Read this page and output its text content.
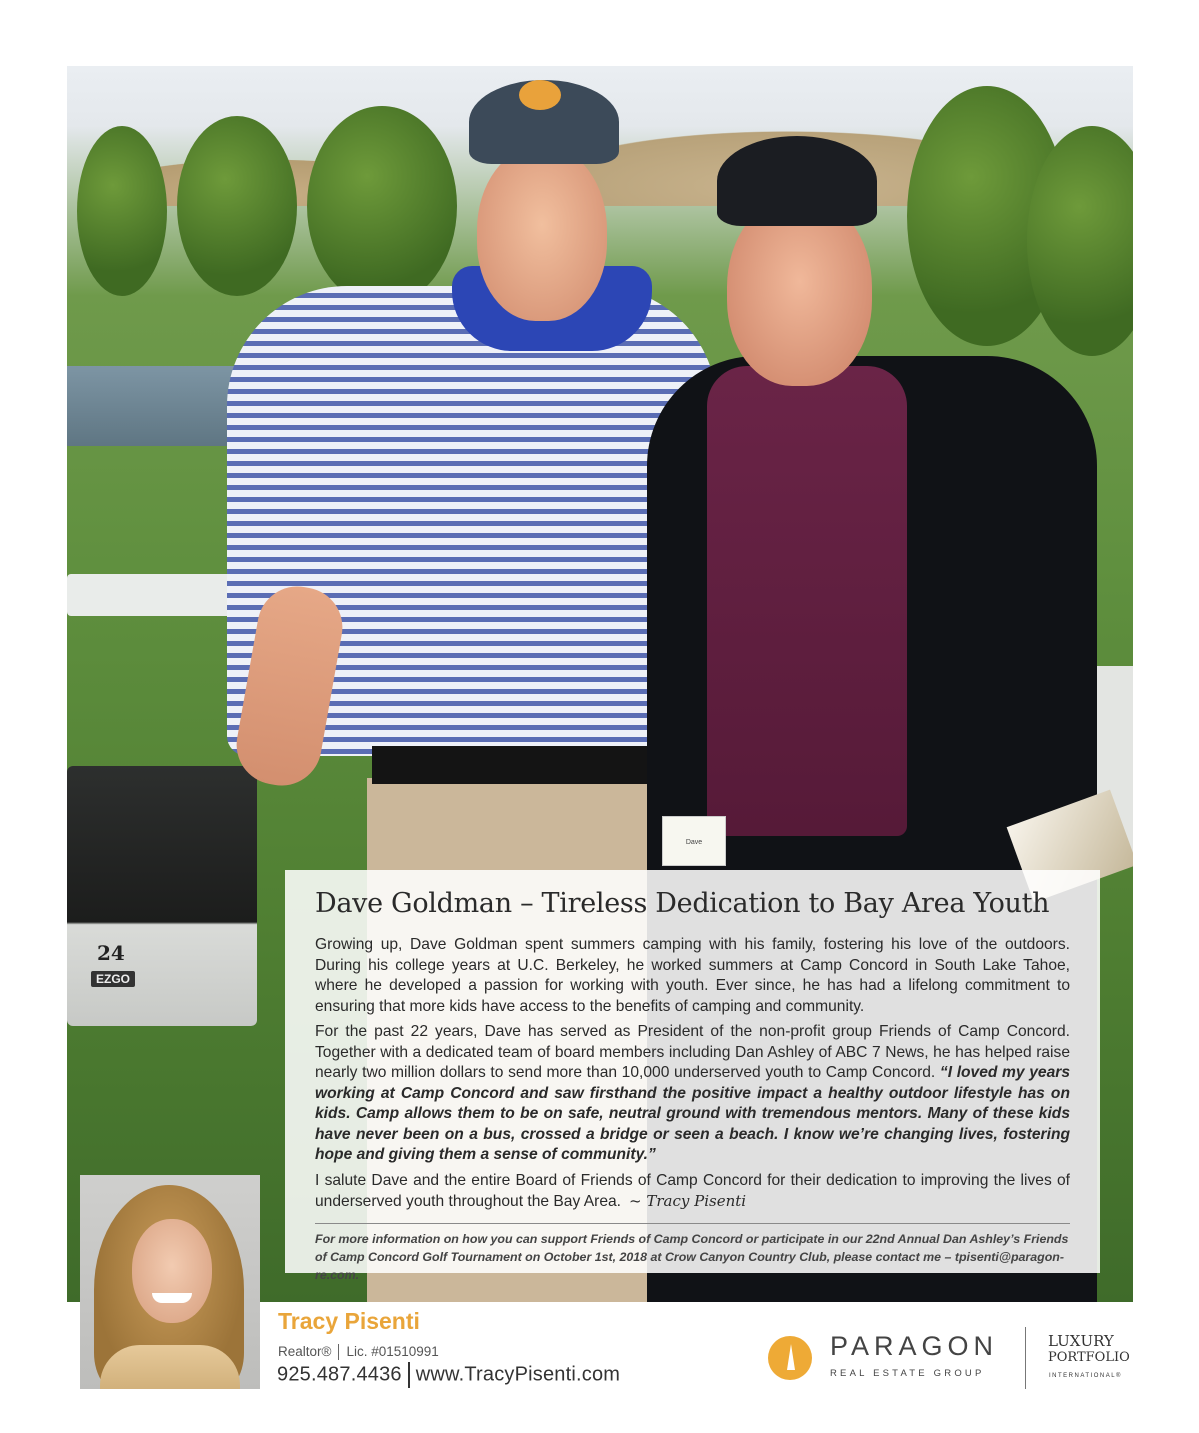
24
EZGO
Dave
Dave Goldman – Tireless Dedication to Bay Area Youth

Growing up, Dave Goldman spent summers camping with his family, fostering his love of the outdoors. During his college years at U.C. Berkeley, he worked summers at Camp Concord in South Lake Tahoe, where he developed a passion for working with youth. Ever since, he has had a lifelong commitment to ensuring that more kids have access to the benefits of camping and community.

For the past 22 years, Dave has served as President of the non-profit group Friends of Camp Concord. Together with a dedicated team of board members including Dan Ashley of ABC 7 News, he has helped raise nearly two million dollars to send more than 10,000 underserved youth to Camp Concord. “I loved my years working at Camp Concord and saw firsthand the positive impact a healthy outdoor lifestyle has on kids. Camp allows them to be on safe, neutral ground with tremendous mentors. Many of these kids have never been on a bus, crossed a bridge or seen a beach. I know we’re changing lives, fostering hope and giving them a sense of community.”

I salute Dave and the entire Board of Friends of Camp Concord for their dedication to improving the lives of underserved youth throughout the Bay Area. ~ Tracy Pisenti

For more information on how you can support Friends of Camp Concord or participate in our 22nd Annual Dan Ashley’s Friends of Camp Concord Golf Tournament on October 1st, 2018 at Crow Canyon Country Club, please contact me – tpisenti@paragon-re.com.
Tracy Pisenti
Realtor® Lic. #01510991
925.487.4436 www.TracyPisenti.com
PARAGON
REAL ESTATE GROUP
LUXURY
PORTFOLIO
INTERNATIONAL®
